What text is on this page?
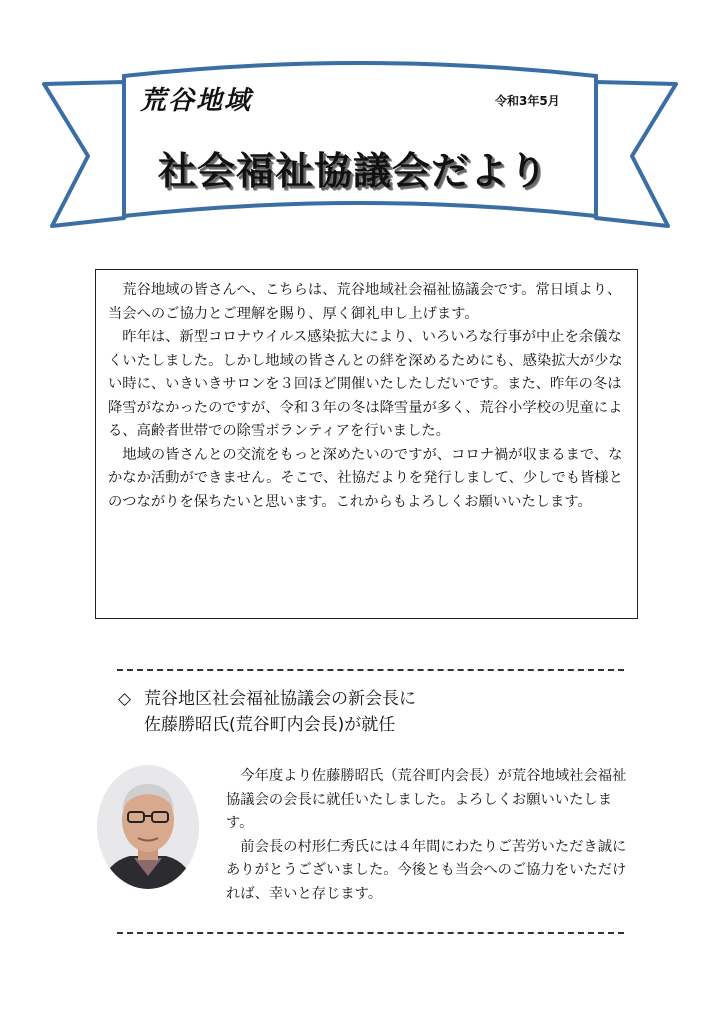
荒谷地域	令和3年5月
社会福祉協議会だより

荒谷地域の皆さんへ、こちらは、荒谷地域社会福祉協議会です。常日頃より、当会へのご協力とご理解を賜り、厚く御礼申し上げます。

昨年は、新型コロナウイルス感染拡大により、いろいろな行事が中止を余儀なくいたしました。しかし地域の皆さんとの絆を深めるためにも、感染拡大が少ない時に、いきいきサロンを３回ほど開催いたしたしだいです。また、昨年の冬は降雪がなかったのですが、令和３年の冬は降雪量が多く、荒谷小学校の児童による、高齢者世帯での除雪ボランティアを行いました。

地域の皆さんとの交流をもっと深めたいのですが、コロナ禍が収まるまで、なかなか活動ができません。そこで、社協だよりを発行しまして、少しでも皆様とのつながりを保ちたいと思います。これからもよろしくお願いいたします。

◇ 荒谷地区社会福祉協議会の新会長に
佐藤勝昭氏(荒谷町内会長)が就任

今年度より佐藤勝昭氏（荒谷町内会長）が荒谷地域社会福祉協議会の会長に就任いたしました。よろしくお願いいたします。

前会長の村形仁秀氏には４年間にわたりご苦労いただき誠にありがとうございました。今後とも当会へのご協力をいただければ、幸いと存じます。
